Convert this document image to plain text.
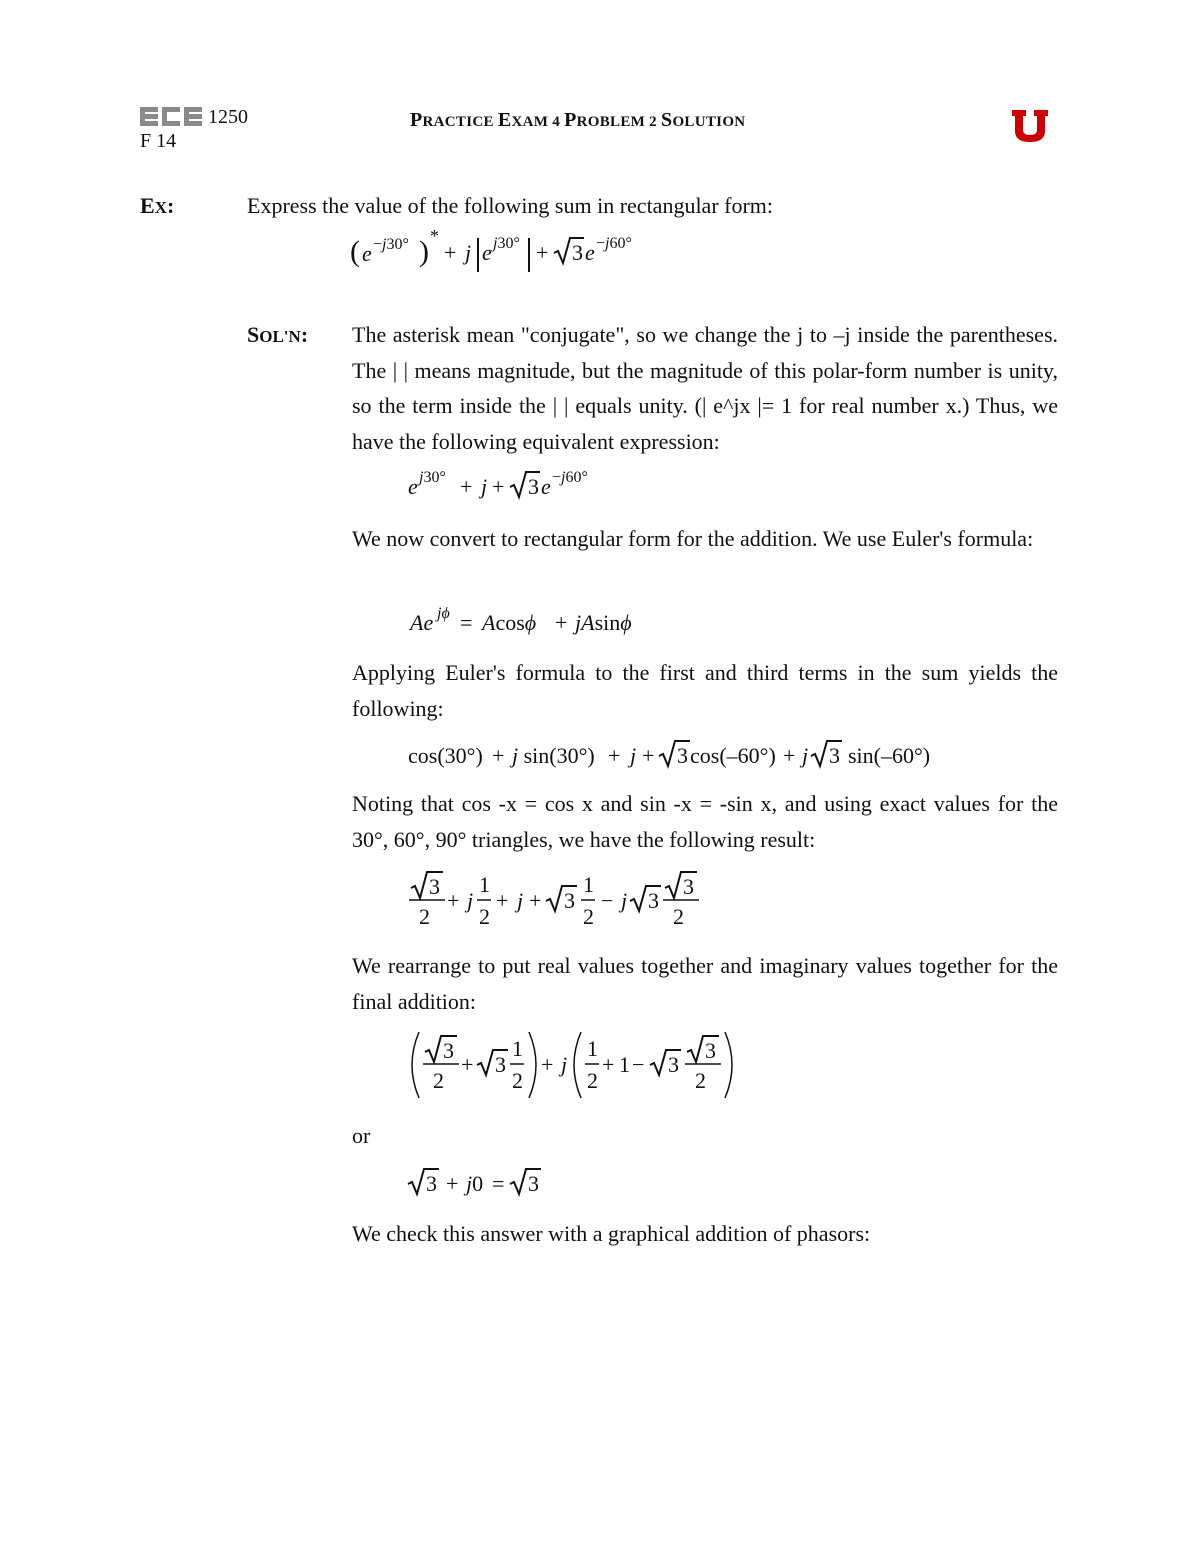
1250
F 14
PRACTICE EXAM 4 PROBLEM 2 SOLUTION
EX:	Express the value of the following sum in rectangular form:
( e −j30° ) *
+ j e j30° + 3 e −j60°
SOL'N: The asterisk mean "conjugate", so we change the j to –j inside the parentheses. The | | means magnitude, but the magnitude of this polar-form number is unity, so the term inside the | | equals unity. (| e^jx |= 1 for real number x.) Thus, we have the following equivalent expression:
e j30° + j + 3 e −j60°
We now convert to rectangular form for the addition. We use Euler's formula:
Ae jϕ = Acosϕ + jAsinϕ
Applying Euler's formula to the first and third terms in the sum yields the following:
cos(30°) + j sin(30°) + j + 3 cos(–60°) + j 3 sin(–60°)
Noting that cos -x = cos x and sin -x = -sin x, and using exact values for the 30°, 60°, 90° triangles, we have the following result:
3
2
+ j
1
2
+ j + 3
1
2
− j 3
3
2
We rearrange to put real values together and imaginary values together for the final addition:
3
2
+ 3
1
2
+ j
1
2
+ 1 − 3
3
2
or
3 + j0 = 3
We check this answer with a graphical addition of phasors:
